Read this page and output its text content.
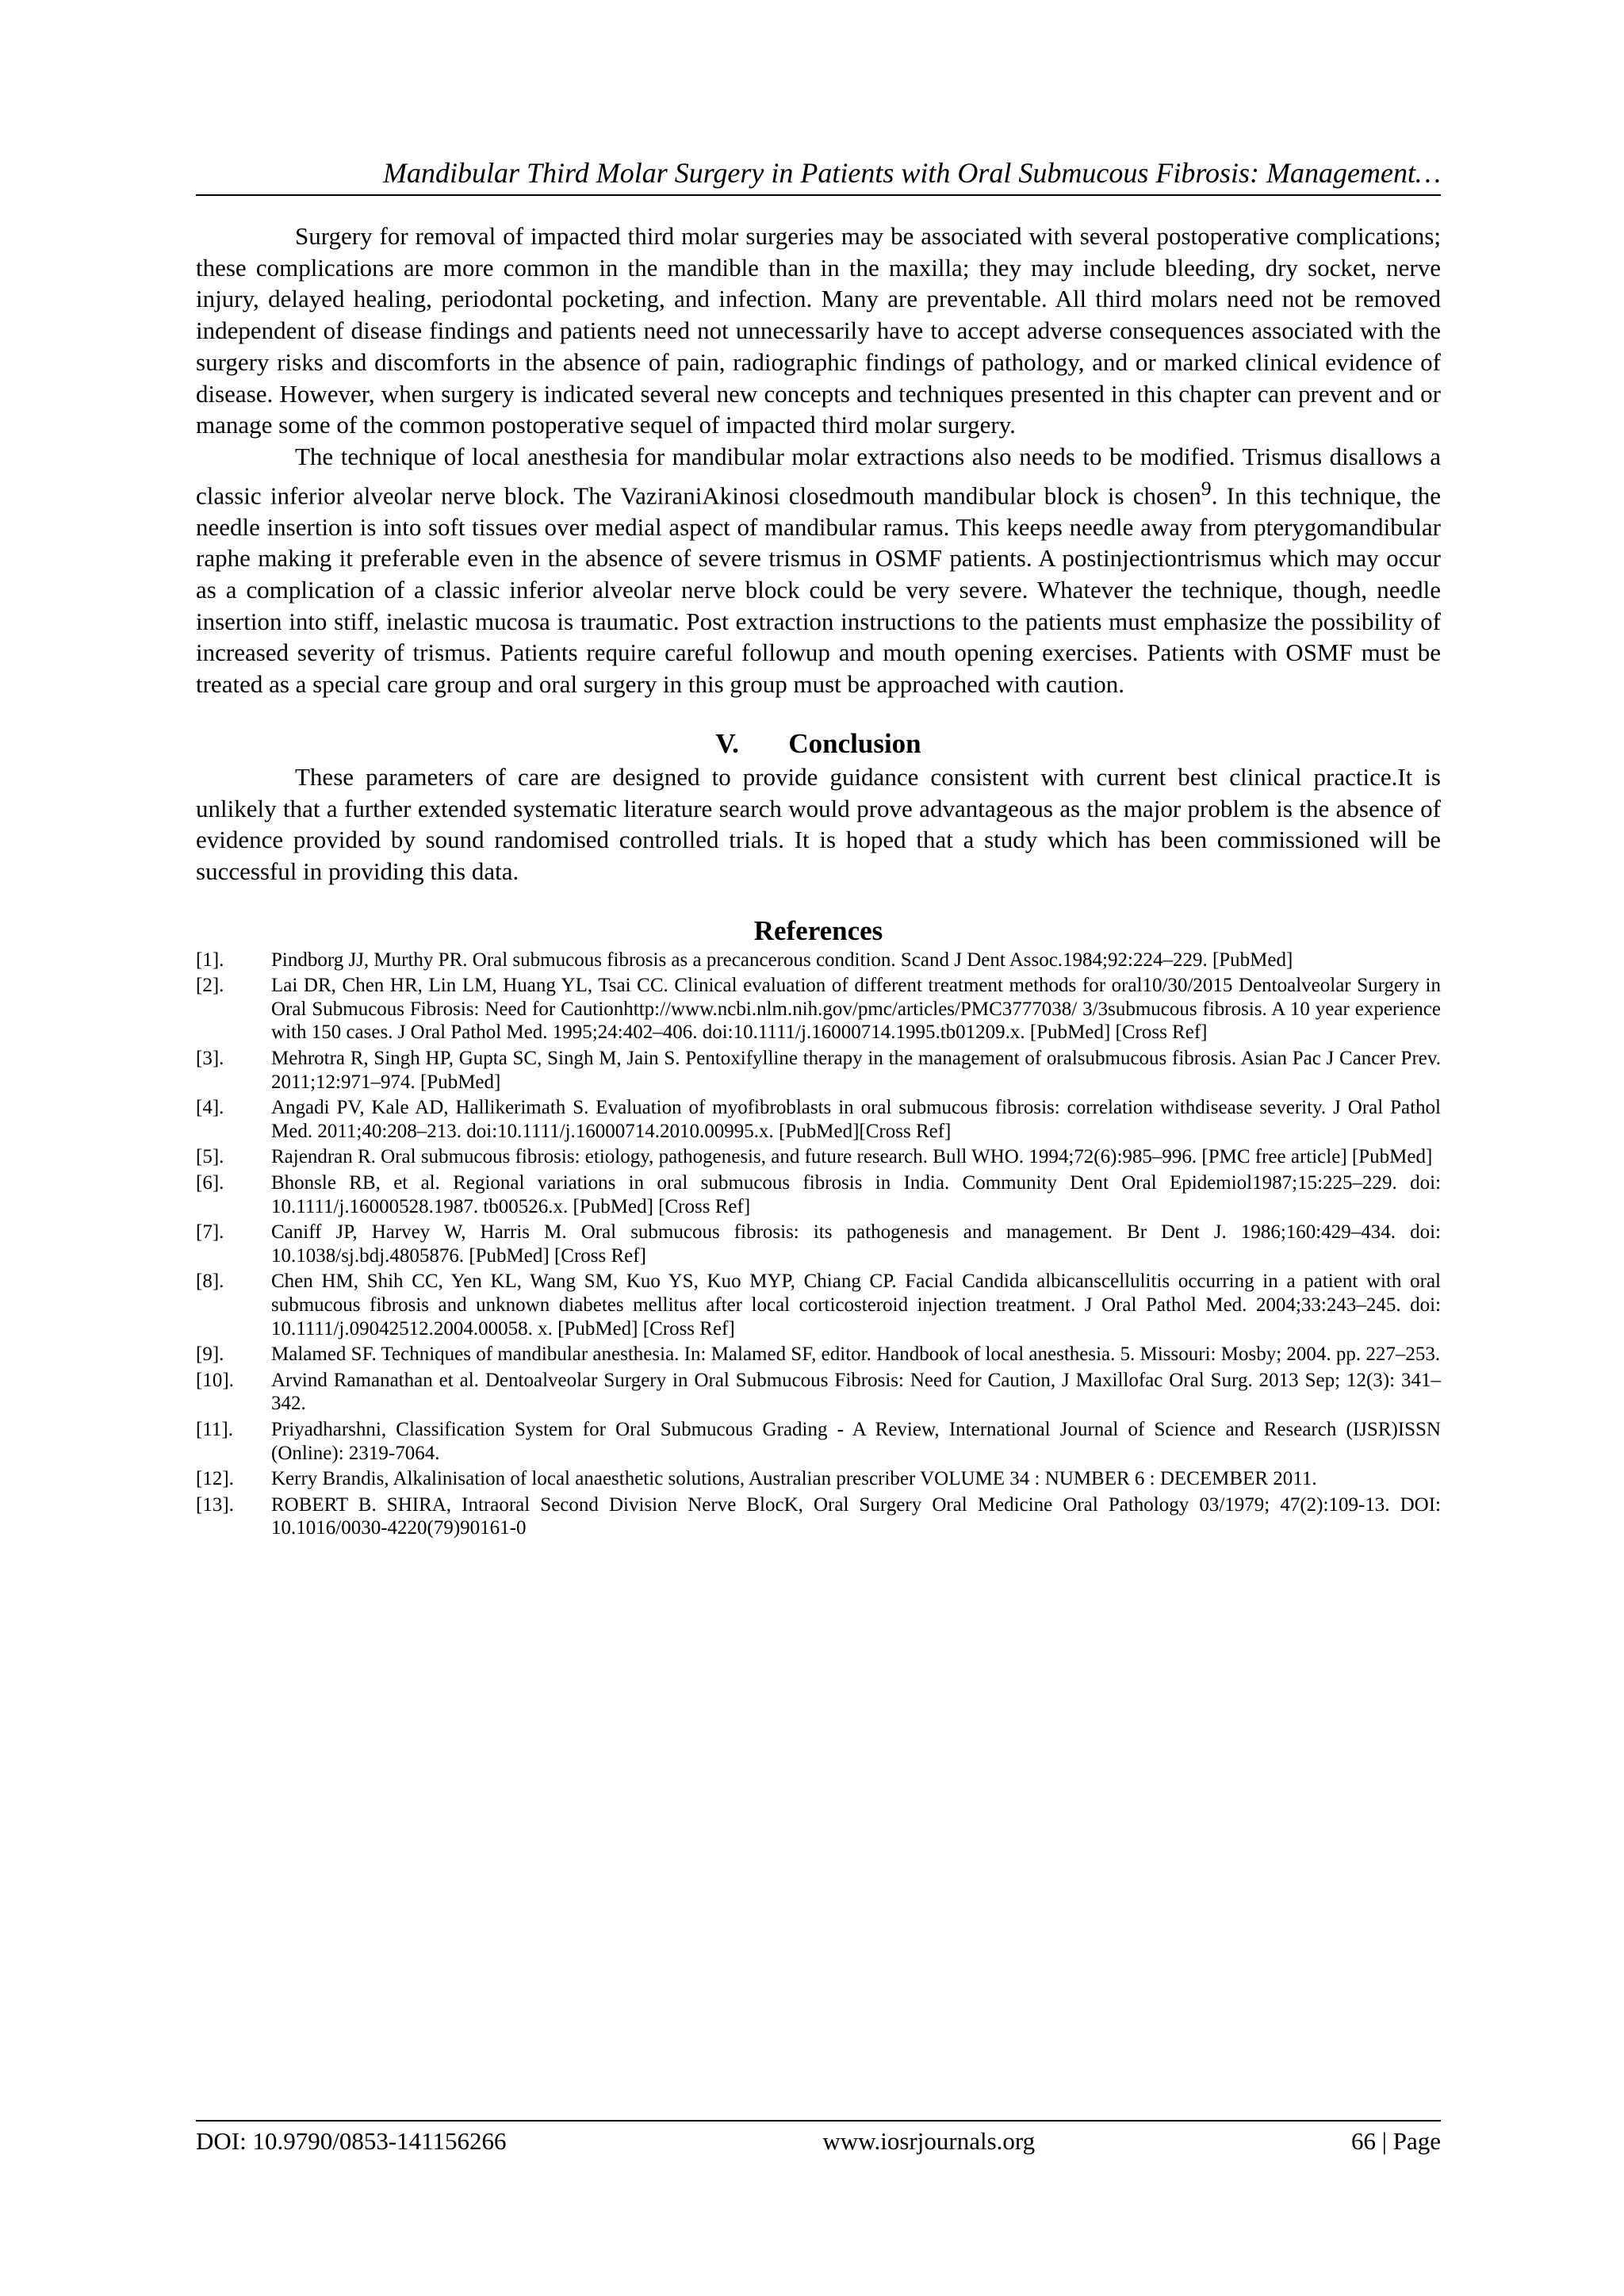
Mandibular Third Molar Surgery in Patients with Oral Submucous Fibrosis: Management…

Surgery for removal of impacted third molar surgeries may be associated with several postoperative complications; these complications are more common in the mandible than in the maxilla; they may include bleeding, dry socket, nerve injury, delayed healing, periodontal pocketing, and infection. Many are preventable. All third molars need not be removed independent of disease findings and patients need not unnecessarily have to accept adverse consequences associated with the surgery risks and discomforts in the absence of pain, radiographic findings of pathology, and or marked clinical evidence of disease. However, when surgery is indicated several new concepts and techniques presented in this chapter can prevent and or manage some of the common postoperative sequel of impacted third molar surgery.

The technique of local anesthesia for mandibular molar extractions also needs to be modified. Trismus disallows a classic inferior alveolar nerve block. The VaziraniAkinosi closedmouth mandibular block is chosen$^9$. In this technique, the needle insertion is into soft tissues over medial aspect of mandibular ramus. This keeps needle away from pterygomandibular raphe making it preferable even in the absence of severe trismus in OSMF patients. A postinjectiontrismus which may occur as a complication of a classic inferior alveolar nerve block could be very severe. Whatever the technique, though, needle insertion into stiff, inelastic mucosa is traumatic. Post extraction instructions to the patients must emphasize the possibility of increased severity of trismus. Patients require careful followup and mouth opening exercises. Patients with OSMF must be treated as a special care group and oral surgery in this group must be approached with caution.

V. Conclusion

These parameters of care are designed to provide guidance consistent with current best clinical practice.It is unlikely that a further extended systematic literature search would prove advantageous as the major problem is the absence of evidence provided by sound randomised controlled trials. It is hoped that a study which has been commissioned will be successful in providing this data.

References
[1].	Pindborg JJ, Murthy PR. Oral submucous fibrosis as a precancerous condition. Scand J Dent Assoc.1984;92:224–229. [PubMed]
[2].	Lai DR, Chen HR, Lin LM, Huang YL, Tsai CC. Clinical evaluation of different treatment methods for oral10/30/2015 Dentoalveolar Surgery in Oral Submucous Fibrosis: Need for Cautionhttp://www.ncbi.nlm.nih.gov/pmc/articles/PMC3777038/ 3/3submucous fibrosis. A 10 year experience with 150 cases. J Oral Pathol Med. 1995;24:402–406. doi:10.1111/j.16000714.1995.tb01209.x. [PubMed] [Cross Ref]
[3].	Mehrotra R, Singh HP, Gupta SC, Singh M, Jain S. Pentoxifylline therapy in the management of oralsubmucous fibrosis. Asian Pac J Cancer Prev. 2011;12:971–974. [PubMed]
[4].	Angadi PV, Kale AD, Hallikerimath S. Evaluation of myofibroblasts in oral submucous fibrosis: correlation withdisease severity. J Oral Pathol Med. 2011;40:208–213. doi:10.1111/j.16000714.2010.00995.x. [PubMed][Cross Ref]
[5].	Rajendran R. Oral submucous fibrosis: etiology, pathogenesis, and future research. Bull WHO. 1994;72(6):985–996. [PMC free article] [PubMed]
[6].	Bhonsle RB, et al. Regional variations in oral submucous fibrosis in India. Community Dent Oral Epidemiol1987;15:225–229. doi: 10.1111/j.16000528.1987. tb00526.x. [PubMed] [Cross Ref]
[7].	Caniff JP, Harvey W, Harris M. Oral submucous fibrosis: its pathogenesis and management. Br Dent J. 1986;160:429–434. doi: 10.1038/sj.bdj.4805876. [PubMed] [Cross Ref]
[8].	Chen HM, Shih CC, Yen KL, Wang SM, Kuo YS, Kuo MYP, Chiang CP. Facial Candida albicanscellulitis occurring in a patient with oral submucous fibrosis and unknown diabetes mellitus after local corticosteroid injection treatment. J Oral Pathol Med. 2004;33:243–245. doi: 10.1111/j.09042512.2004.00058. x. [PubMed] [Cross Ref]
[9].	Malamed SF. Techniques of mandibular anesthesia. In: Malamed SF, editor. Handbook of local anesthesia. 5. Missouri: Mosby; 2004. pp. 227–253.
[10].	Arvind Ramanathan et al. Dentoalveolar Surgery in Oral Submucous Fibrosis: Need for Caution, J Maxillofac Oral Surg. 2013 Sep; 12(3): 341–342.
[11].	Priyadharshni, Classification System for Oral Submucous Grading - A Review, International Journal of Science and Research (IJSR)ISSN (Online): 2319-7064.
[12].	Kerry Brandis, Alkalinisation of local anaesthetic solutions, Australian prescriber VOLUME 34 : NUMBER 6 : DECEMBER 2011.
[13].	ROBERT B. SHIRA, Intraoral Second Division Nerve BlocK, Oral Surgery Oral Medicine Oral Pathology 03/1979; 47(2):109-13. DOI: 10.1016/0030-4220(79)90161-0
DOI: 10.9790/0853-141156266	www.iosrjournals.org	66 | Page
